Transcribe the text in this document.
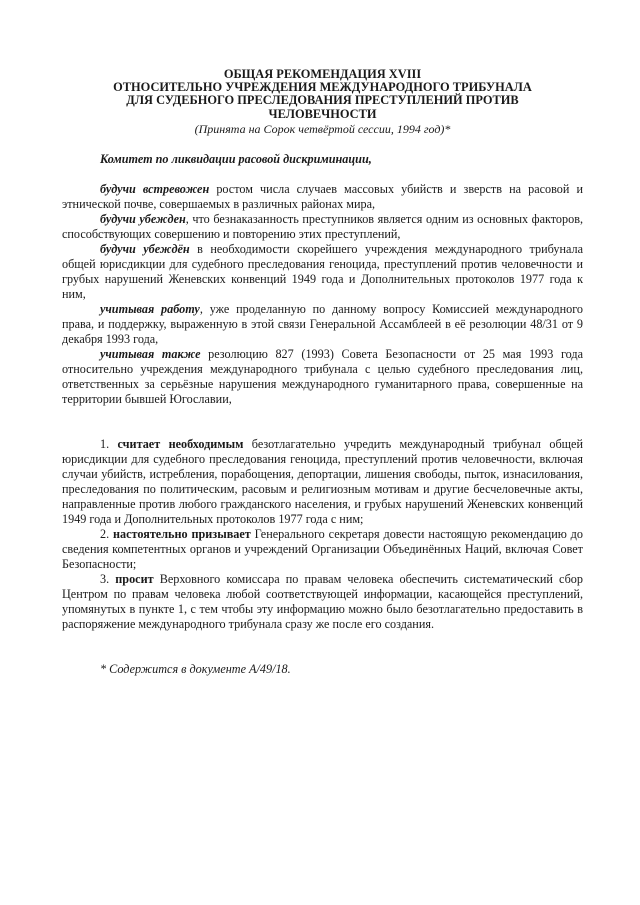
ОБЩАЯ РЕКОМЕНДАЦИЯ XVIII
ОТНОСИТЕЛЬНО УЧРЕЖДЕНИЯ МЕЖДУНАРОДНОГО ТРИБУНАЛА
ДЛЯ СУДЕБНОГО ПРЕСЛЕДОВАНИЯ ПРЕСТУПЛЕНИЙ ПРОТИВ
ЧЕЛОВЕЧНОСТИ
(Принята на Сорок четвёртой сессии, 1994 год)*
Комитет по ликвидации расовой дискриминации,

будучи встревожен ростом числа случаев массовых убийств и зверств на расовой и этнической почве, совершаемых в различных районах мира,

будучи убежден, что безнаказанность преступников является одним из основных факторов, способствующих совершению и повторению этих преступлений,

будучи убеждён в необходимости скорейшего учреждения международного трибунала общей юрисдикции для судебного преследования геноцида, преступлений против человечности и грубых нарушений Женевских конвенций 1949 года и Дополнительных протоколов 1977 года к ним,

учитывая работу, уже проделанную по данному вопросу Комиссией международного права, и поддержку, выраженную в этой связи Генеральной Ассамблеей в её резолюции 48/31 от 9 декабря 1993 года,

учитывая также резолюцию 827 (1993) Совета Безопасности от 25 мая 1993 года относительно учреждения международного трибунала с целью судебного преследования лиц, ответственных за серьёзные нарушения международного гуманитарного права, совершенные на территории бывшей Югославии,

1. считает необходимым безотлагательно учредить международный трибунал общей юрисдикции для судебного преследования геноцида, преступлений против человечности, включая случаи убийств, истребления, порабощения, депортации, лишения свободы, пыток, изнасилования, преследования по политическим, расовым и религиозным мотивам и другие бесчеловечные акты, направленные против любого гражданского населения, и грубых нарушений Женевских конвенций 1949 года и Дополнительных протоколов 1977 года с ним;

2. настоятельно призывает Генерального секретаря довести настоящую рекомендацию до сведения компетентных органов и учреждений Организации Объединённых Наций, включая Совет Безопасности;

3. просит Верховного комиссара по правам человека обеспечить систематический сбор Центром по правам человека любой соответствующей информации, касающейся преступлений, упомянутых в пункте 1, с тем чтобы эту информацию можно было безотлагательно предоставить в распоряжение международного трибунала сразу же после его создания.

* Содержится в документе A/49/18.
